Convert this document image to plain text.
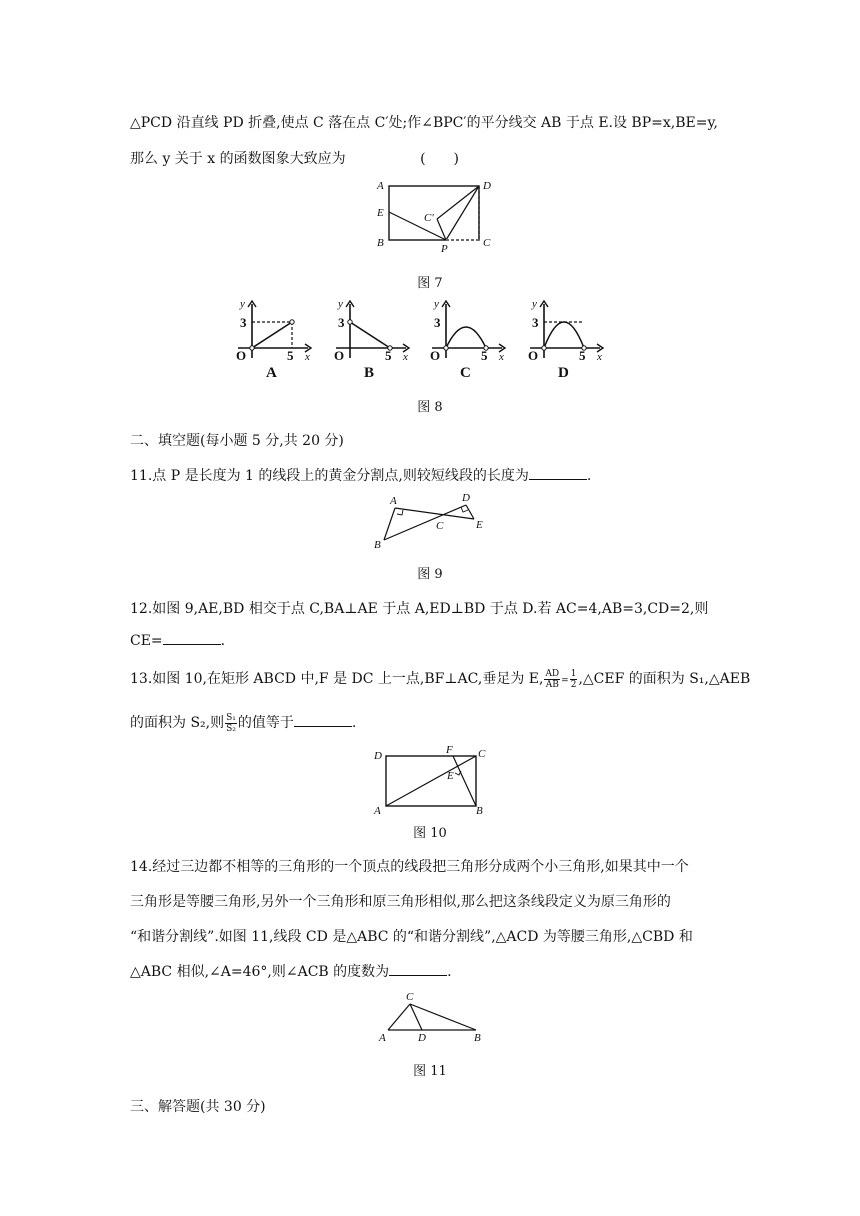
△PCD 沿直线 PD 折叠,使点 C 落在点 C′处;作∠BPC′的平分线交 AB 于点 E.设 BP=x,BE=y,
那么 y 关于 x 的函数图象大致应为	(　　)
A	D
E	C′
B	P	C
图 7
y
3
O	5 x
A
y
3
O	5 x
B
y
3
O	5 x
C
y
3
O	5 x
D
图 8
二、填空题(每小题 5 分,共 20 分)
11.点 P 是长度为 1 的线段上的黄金分割点,则较短线段的长度为	.
A	D
C	E
B
图 9
12.如图 9,AE,BD 相交于点 C,BA⊥AE 于点 A,ED⊥BD 于点 D.若 AC=4,AB=3,CD=2,则
CE=	.
13.如图 10,在矩形 ABCD 中,F 是 DC 上一点,BF⊥AC,垂足为 E, $\frac{AD}{AB} = \frac{1}{2}$ ,△CEF 的面积为 S₁,△AEB
的面积为 S₂,则 $\frac{\text{S₁}}{\text{S₂}}$ 的值等于	.
D	F C
E
A	B
图 10
14.经过三边都不相等的三角形的一个顶点的线段把三角形分成两个小三角形,如果其中一个
三角形是等腰三角形,另外一个三角形和原三角形相似,那么把这条线段定义为原三角形的
“和谐分割线”.如图 11,线段 CD 是△ABC 的“和谐分割线”,△ACD 为等腰三角形,△CBD 和
△ABC 相似,∠A=46°,则∠ACB 的度数为	.
C
A	D	B
图 11
三、解答题(共 30 分)
